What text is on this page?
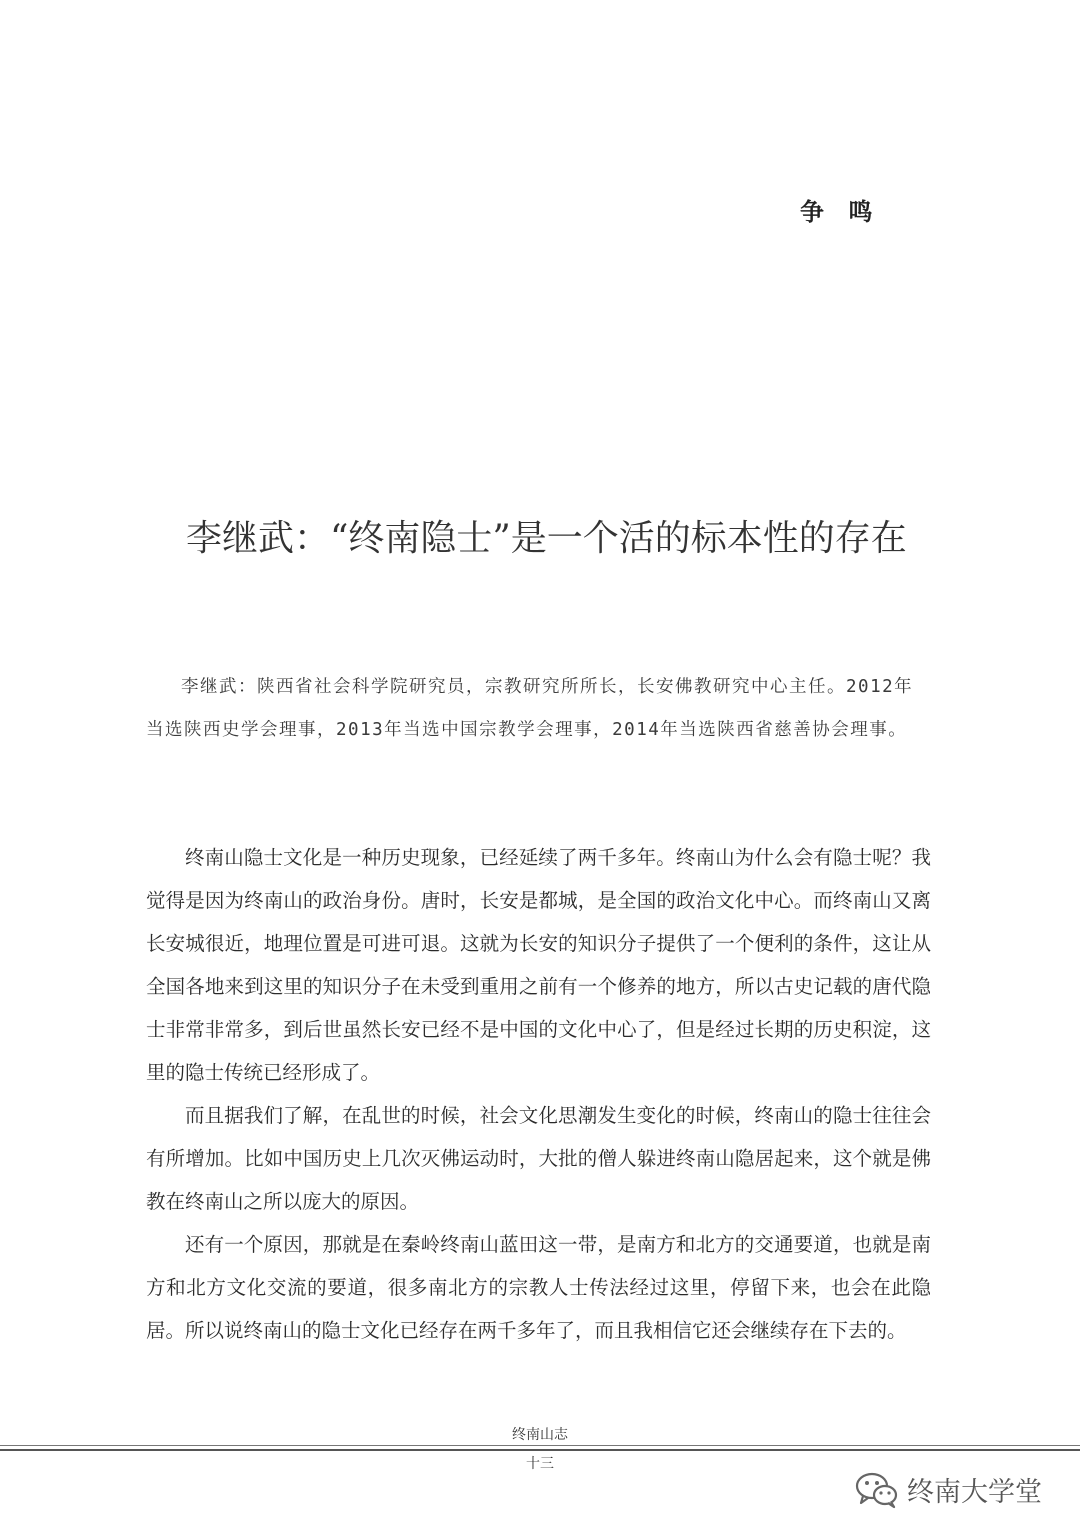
争 鸣
李继武：“终南隐士”是一个活的标本性的存在

李继武：陕西省社会科学院研究员，宗教研究所所长，长安佛教研究中心主任。2012年当选陕西史学会理事，2013年当选中国宗教学会理事，2014年当选陕西省慈善协会理事。

终南山隐士文化是一种历史现象，已经延续了两千多年。终南山为什么会有隐士呢？我觉得是因为终南山的政治身份。唐时，长安是都城，是全国的政治文化中心。而终南山又离长安城很近，地理位置是可进可退。这就为长安的知识分子提供了一个便利的条件，这让从全国各地来到这里的知识分子在未受到重用之前有一个修养的地方，所以古史记载的唐代隐士非常非常多，到后世虽然长安已经不是中国的文化中心了，但是经过长期的历史积淀，这里的隐士传统已经形成了。

而且据我们了解，在乱世的时候，社会文化思潮发生变化的时候，终南山的隐士往往会有所增加。比如中国历史上几次灭佛运动时，大批的僧人躲进终南山隐居起来，这个就是佛教在终南山之所以庞大的原因。

还有一个原因，那就是在秦岭终南山蓝田这一带，是南方和北方的交通要道，也就是南方和北方文化交流的要道，很多南北方的宗教人士传法经过这里，停留下来，也会在此隐居。所以说终南山的隐士文化已经存在两千多年了，而且我相信它还会继续存在下去的。

终南山志
十三
终南大学堂
